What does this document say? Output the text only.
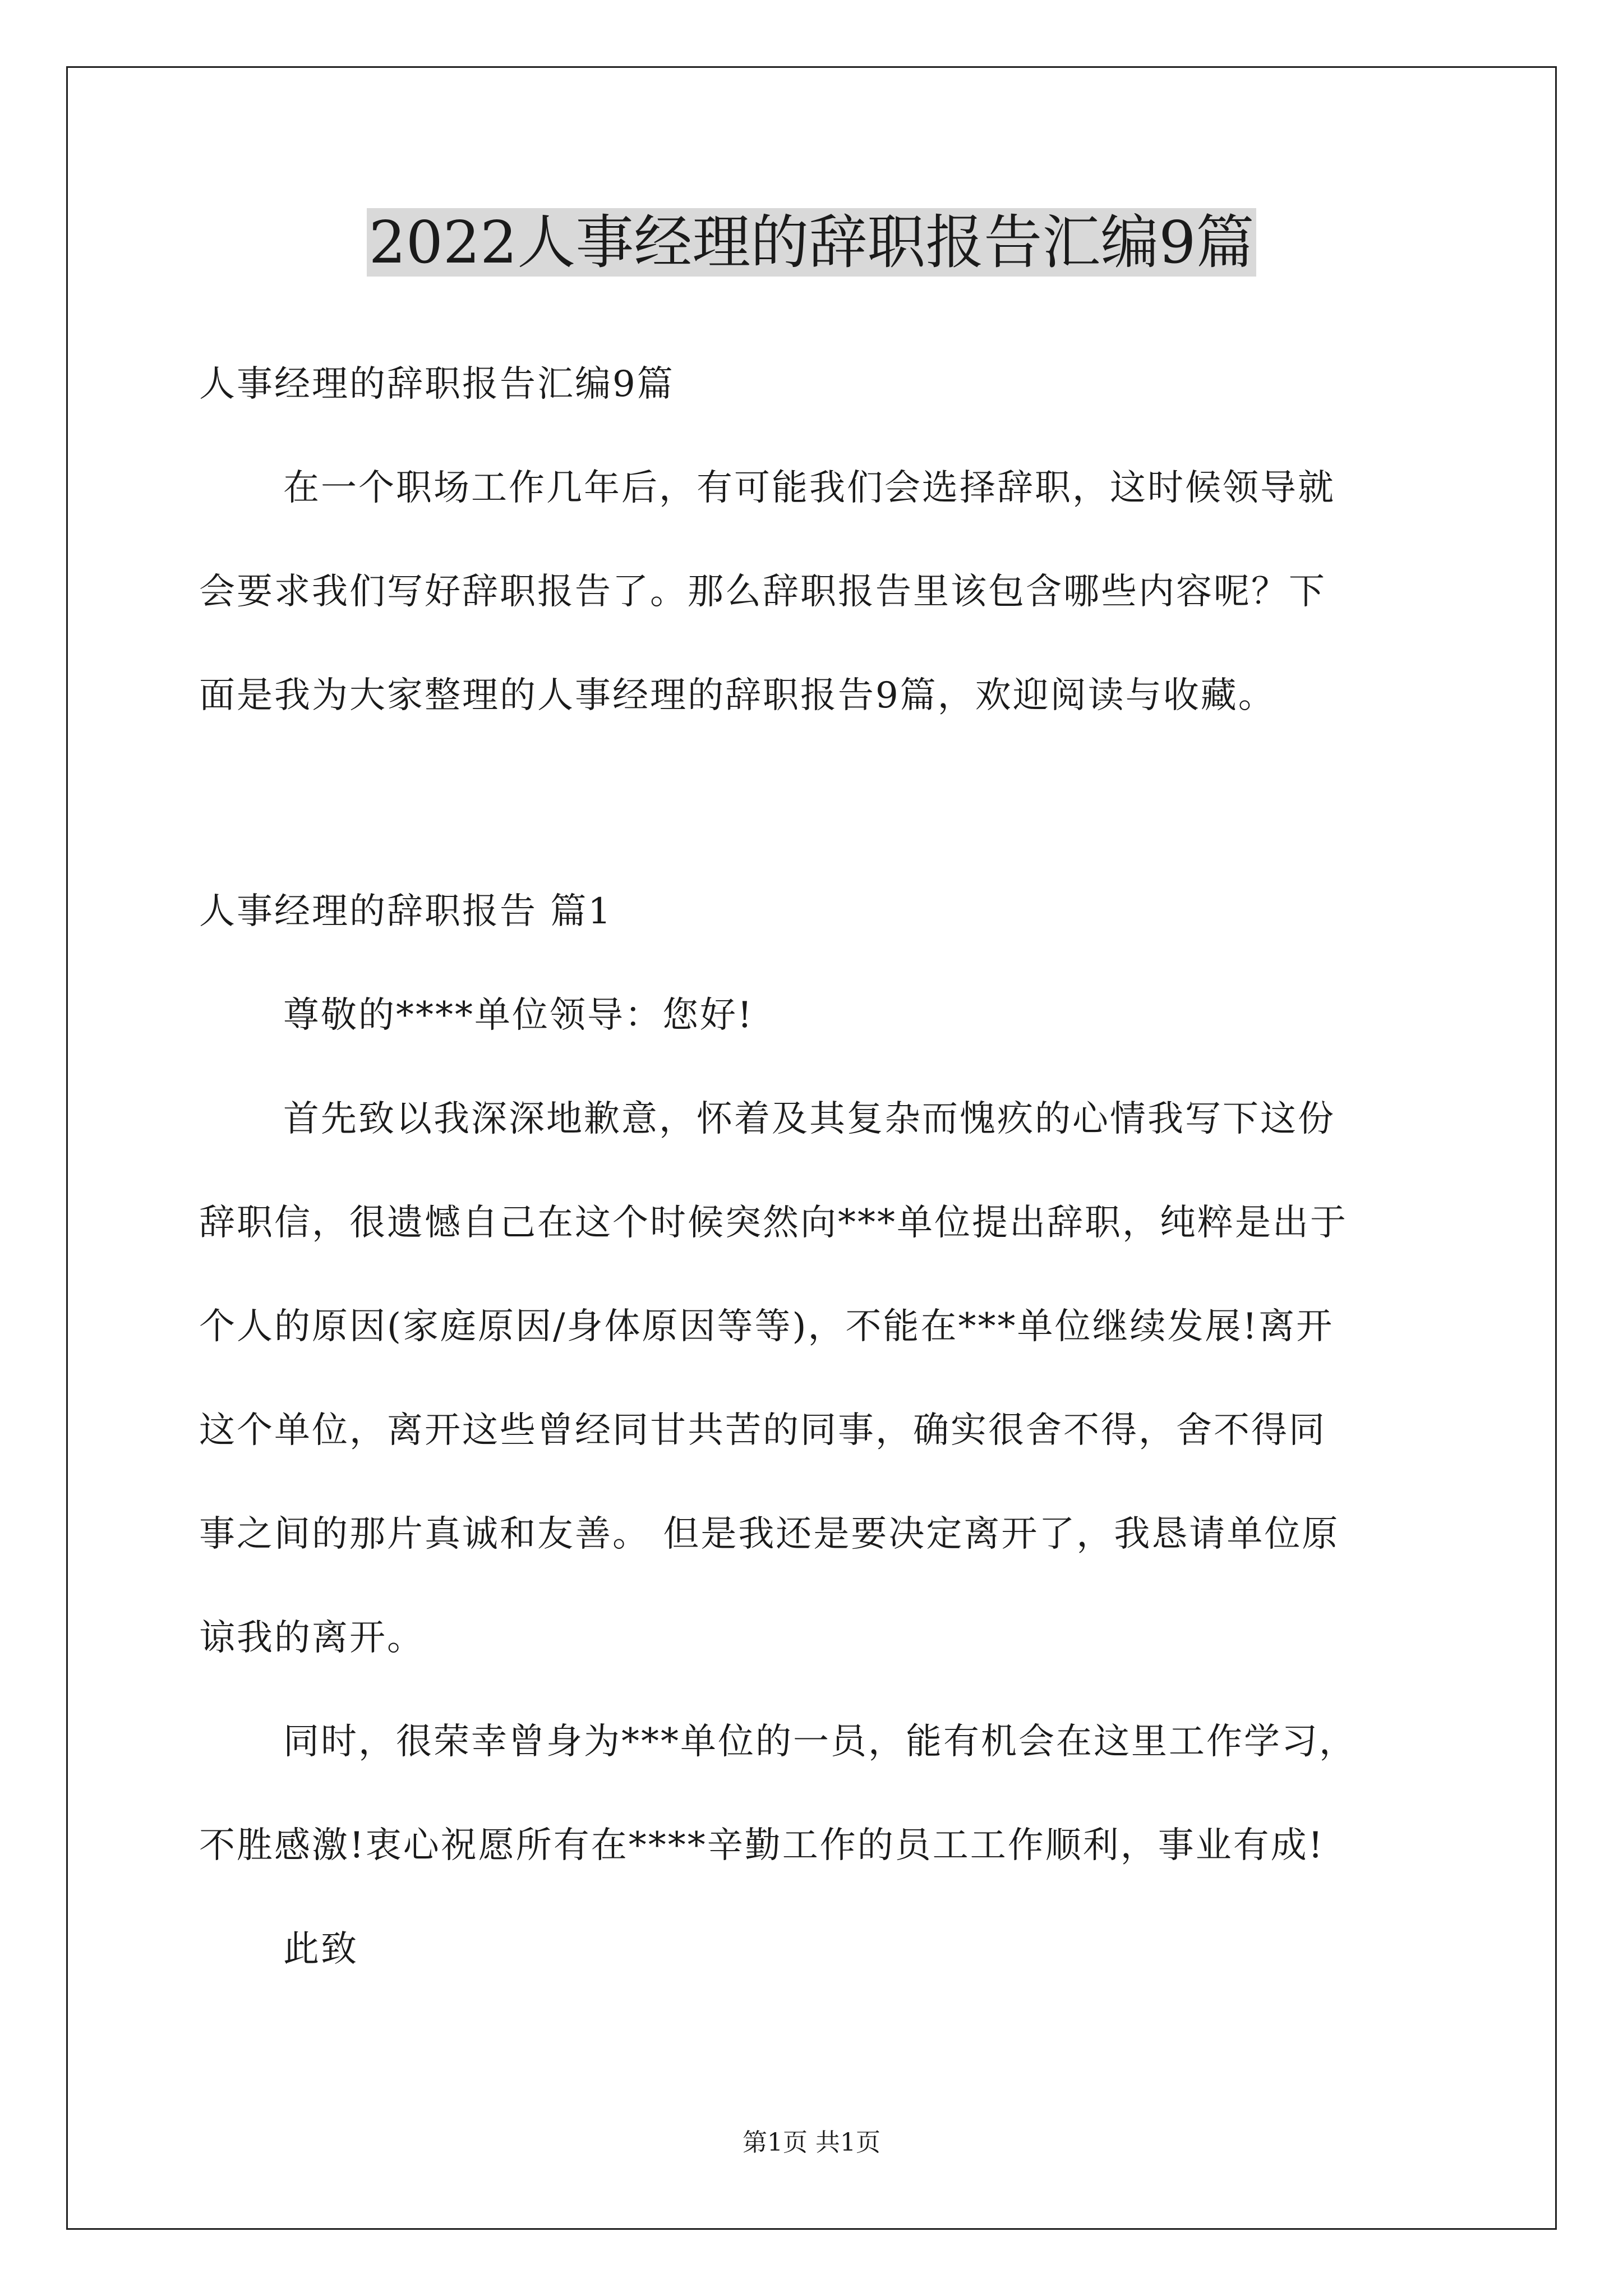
2022人事经理的辞职报告汇编9篇
人事经理的辞职报告汇编9篇
在一个职场工作几年后，有可能我们会选择辞职，这时候领导就
会要求我们写好辞职报告了。那么辞职报告里该包含哪些内容呢？下
面是我为大家整理的人事经理的辞职报告9篇，欢迎阅读与收藏。
人事经理的辞职报告 篇1
尊敬的****单位领导：您好!
首先致以我深深地歉意，怀着及其复杂而愧疚的心情我写下这份
辞职信，很遗憾自己在这个时候突然向***单位提出辞职，纯粹是出于
个人的原因(家庭原因/身体原因等等)，不能在***单位继续发展!离开
这个单位，离开这些曾经同甘共苦的同事，确实很舍不得，舍不得同
事之间的那片真诚和友善。 但是我还是要决定离开了，我恳请单位原
谅我的离开。
同时，很荣幸曾身为***单位的一员，能有机会在这里工作学习，
不胜感激!衷心祝愿所有在****辛勤工作的员工工作顺利，事业有成!
此致
第1页 共1页
